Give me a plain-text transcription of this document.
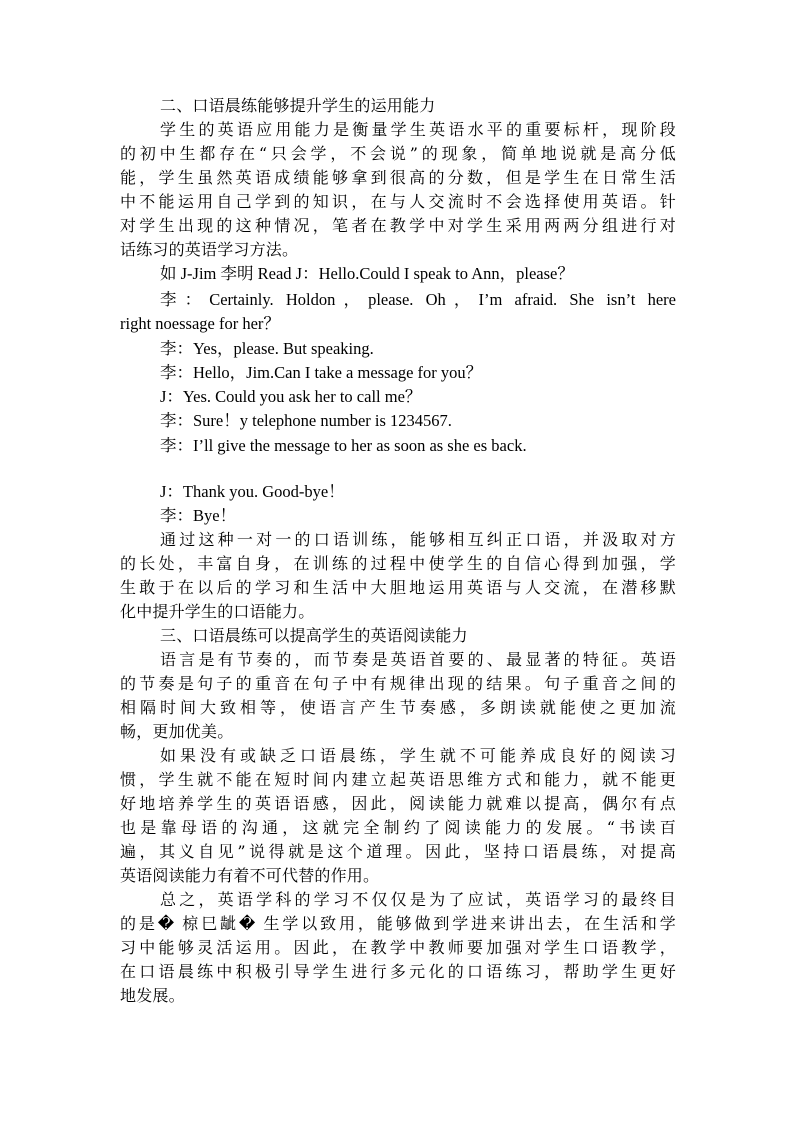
二、口语晨练能够提升学生的运用能力
学生的英语应用能力是衡量学生英语水平的重要标杆，现阶段
的初中生都存在“只会学，不会说”的现象，简单地说就是高分低
能，学生虽然英语成绩能够拿到很高的分数，但是学生在日常生活
中不能运用自己学到的知识，在与人交流时不会选择使用英语。针
对学生出现的这种情况，笔者在教学中对学生采用两两分组进行对
话练习的英语学习方法。
如 J-Jim 李明 Read J：Hello.Could I speak to Ann，please？
李：Certainly. Holdon，please. Oh，I’m afraid. She isn’t here
right noessage for her？
李：Yes，please. But speaking.
李：Hello，Jim.Can I take a message for you？
J：Yes. Could you ask her to call me？
李：Sure！y telephone number is 1234567.
李：I’ll give the message to her as soon as she es back.
J：Thank you. Good-bye！
李：Bye！
通过这种一对一的口语训练，能够相互纠正口语，并汲取对方
的长处，丰富自身，在训练的过程中使学生的自信心得到加强，学
生敢于在以后的学习和生活中大胆地运用英语与人交流，在潜移默
化中提升学生的口语能力。
三、口语晨练可以提高学生的英语阅读能力
语言是有节奏的，而节奏是英语首要的、最显著的特征。英语
的节奏是句子的重音在句子中有规律出现的结果。句子重音之间的
相隔时间大致相等，使语言产生节奏感，多朗读就能使之更加流
畅，更加优美。
如果没有或缺乏口语晨练，学生就不可能养成良好的阅读习
惯，学生就不能在短时间内建立起英语思维方式和能力，就不能更
好地培养学生的英语语感，因此，阅读能力就难以提高，偶尔有点
也是靠母语的沟通，这就完全制约了阅读能力的发展。“书读百
遍，其义自见”说得就是这个道理。因此，坚持口语晨练，对提高
英语阅读能力有着不可代替的作用。
总之，英语学科的学习不仅仅是为了应试，英语学习的最终目
的是� 椋巳龇� 生学以致用，能够做到学进来讲出去，在生活和学
习中能够灵活运用。因此，在教学中教师要加强对学生口语教学，
在口语晨练中积极引导学生进行多元化的口语练习，帮助学生更好
地发展。
